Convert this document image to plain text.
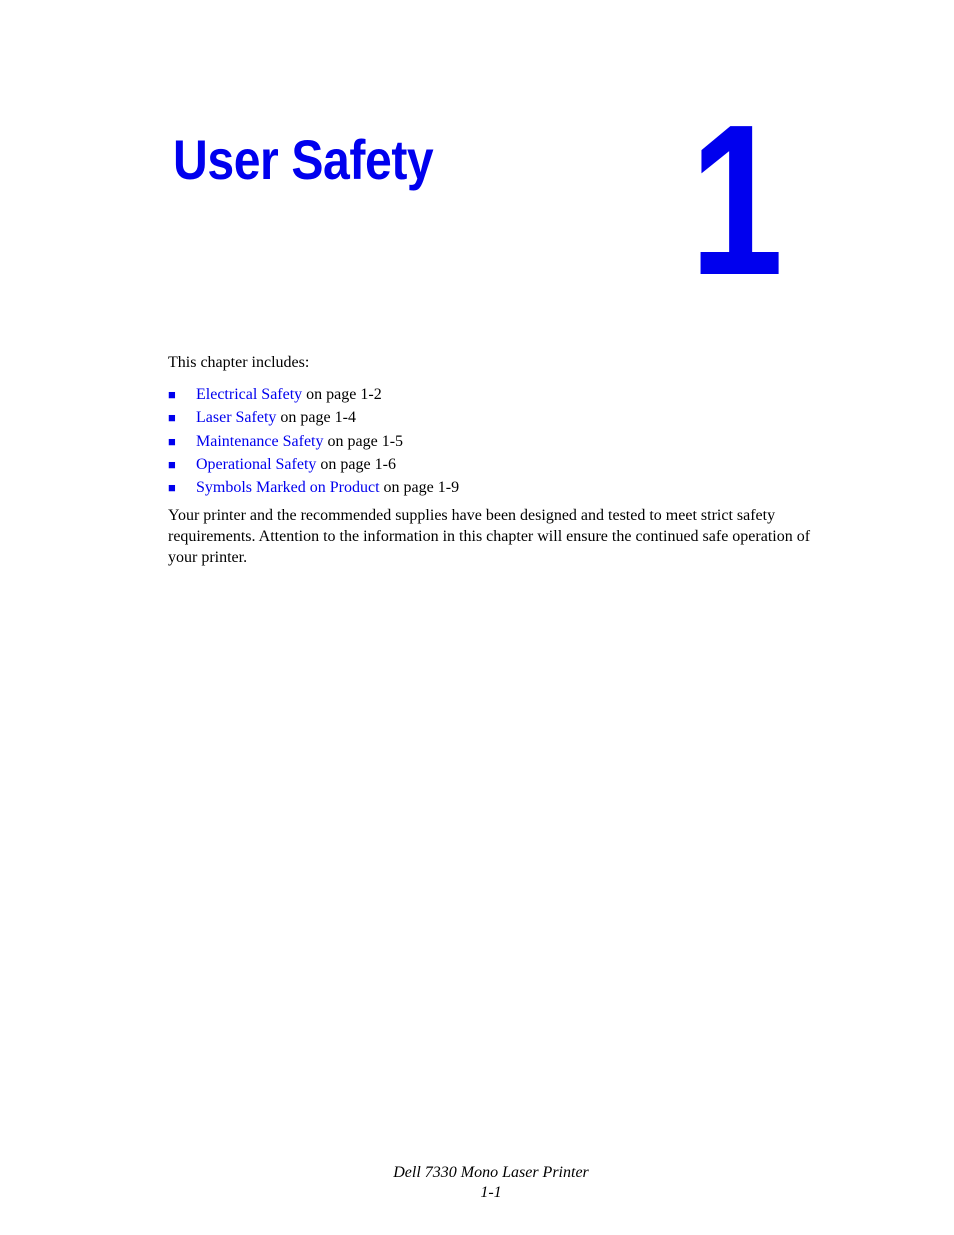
User Safety 1

This chapter includes:

■ Electrical Safety on page 1-2
■ Laser Safety on page 1-4
■ Maintenance Safety on page 1-5
■ Operational Safety on page 1-6
■ Symbols Marked on Product on page 1-9

Your printer and the recommended supplies have been designed and tested to meet strict safety requirements. Attention to the information in this chapter will ensure the continued safe operation of your printer.

Dell 7330 Mono Laser Printer
1-1
